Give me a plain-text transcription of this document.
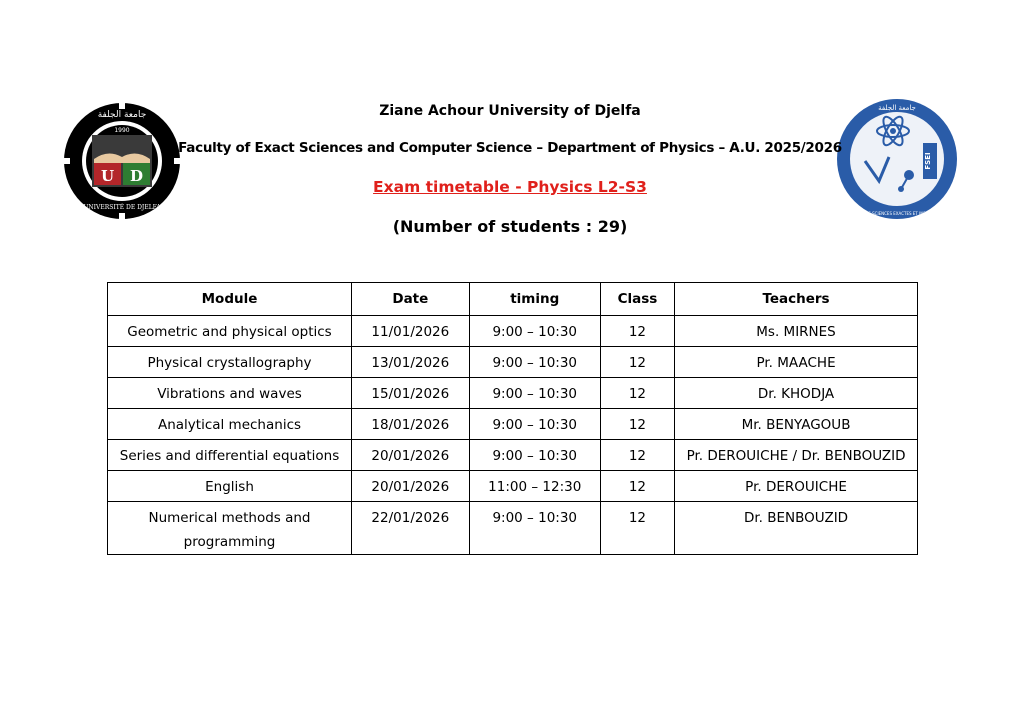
U D
1990
جامعة الجلفة
UNIVERSITÉ DE DJELFA
FSEI
جامعة الجلفة
FACULTE DES SCIENCES EXACTES ET INFORMATIQUE
Ziane Achour University of Djelfa
Faculty of Exact Sciences and Computer Science – Department of Physics – A.U. 2025/2026
Exam timetable - Physics L2-S3
(Number of students : 29)
Module	Date	timing	Class	Teachers
Geometric and physical optics	11/01/2026	9:00 – 10:30	12	Ms. MIRNES
Physical crystallography	13/01/2026	9:00 – 10:30	12	Pr. MAACHE
Vibrations and waves	15/01/2026	9:00 – 10:30	12	Dr. KHODJA
Analytical mechanics	18/01/2026	9:00 – 10:30	12	Mr. BENYAGOUB
Series and differential equations	20/01/2026	9:00 – 10:30	12	Pr. DEROUICHE / Dr. BENBOUZID
English	20/01/2026	11:00 – 12:30	12	Pr. DEROUICHE
Numerical methods and programming	22/01/2026	9:00 – 10:30	12	Dr. BENBOUZID
